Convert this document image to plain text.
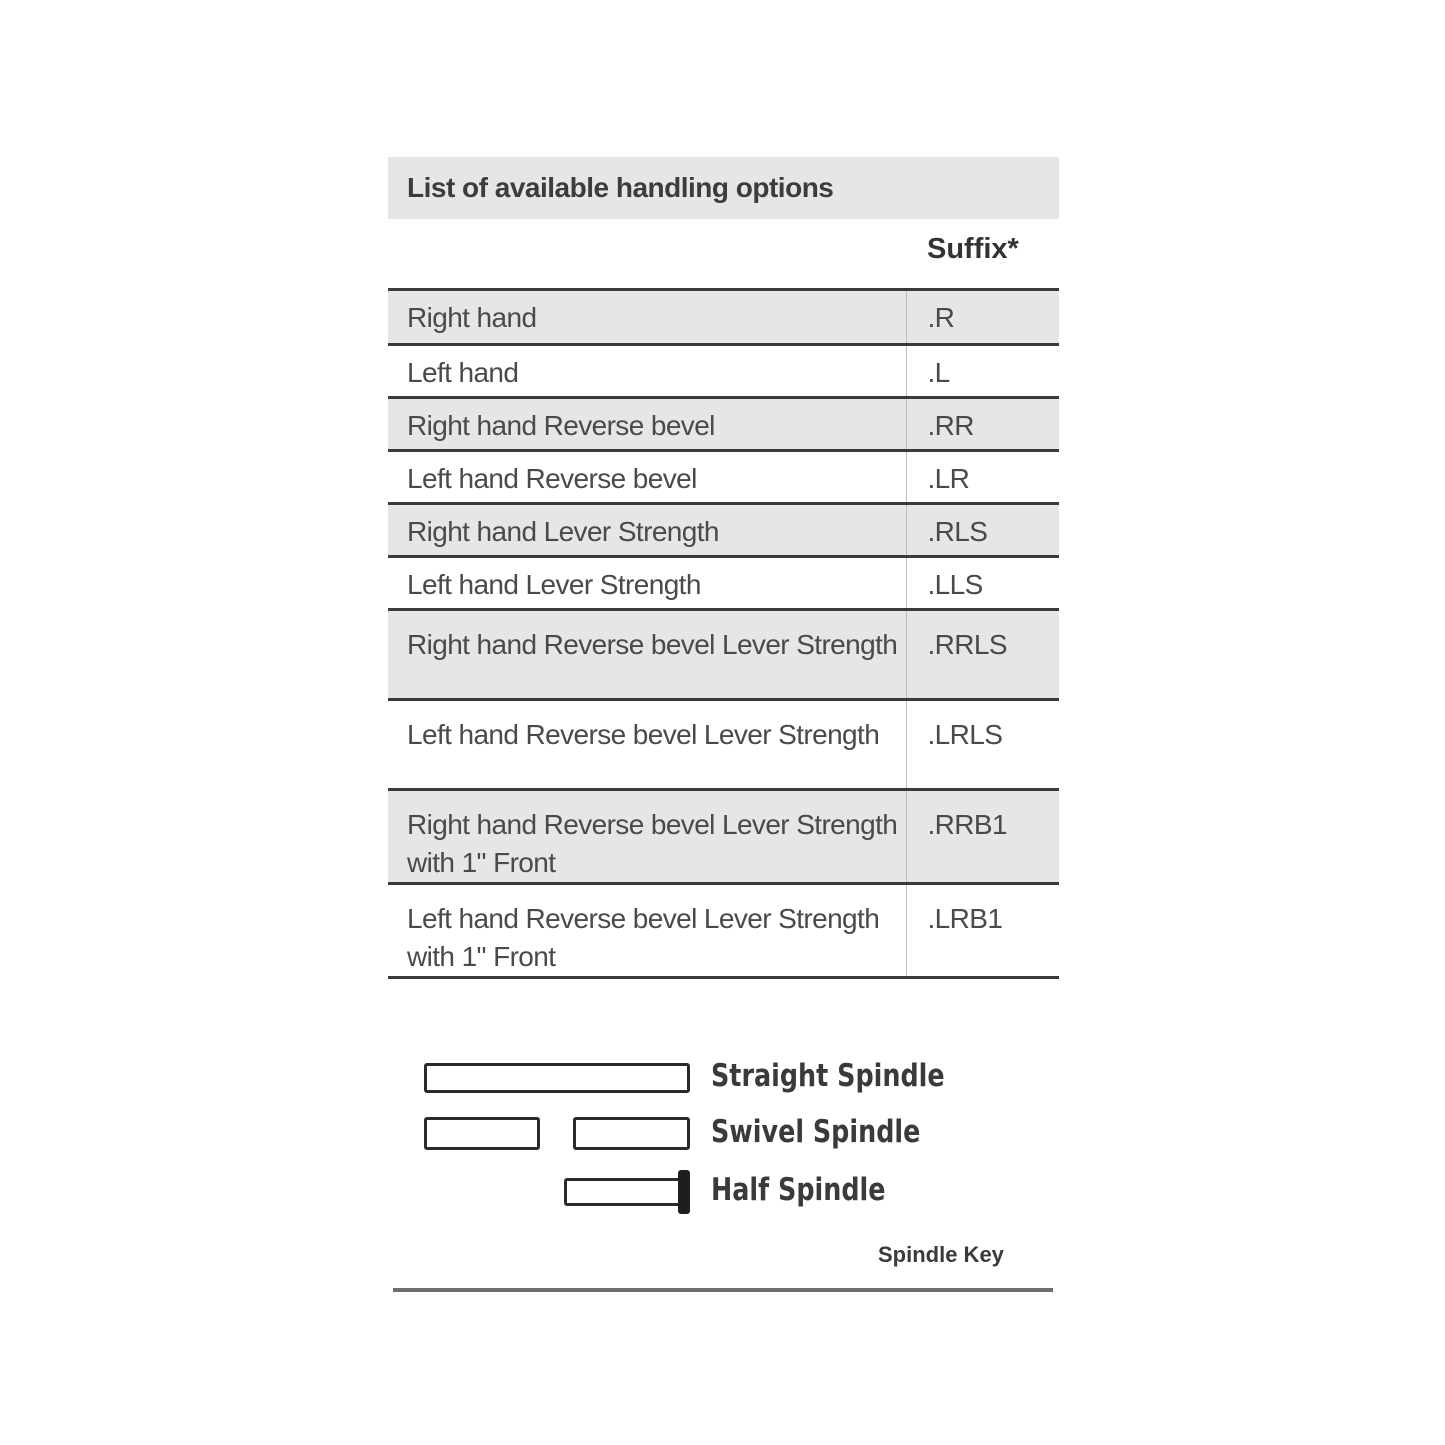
List of available handling options
Suffix*
Right hand	.R
Left hand	.L
Right hand Reverse bevel	.RR
Left hand Reverse bevel	.LR
Right hand Lever Strength	.RLS
Left hand Lever Strength	.LLS
Right hand Reverse bevel Lever Strength	.RRLS
Left hand Reverse bevel Lever Strength	.LRLS
Right hand Reverse bevel Lever Strength with 1" Front	.RRB1
Left hand Reverse bevel Lever Strength with 1" Front	.LRB1
Straight Spindle
Swivel Spindle
Half Spindle
Spindle Key
